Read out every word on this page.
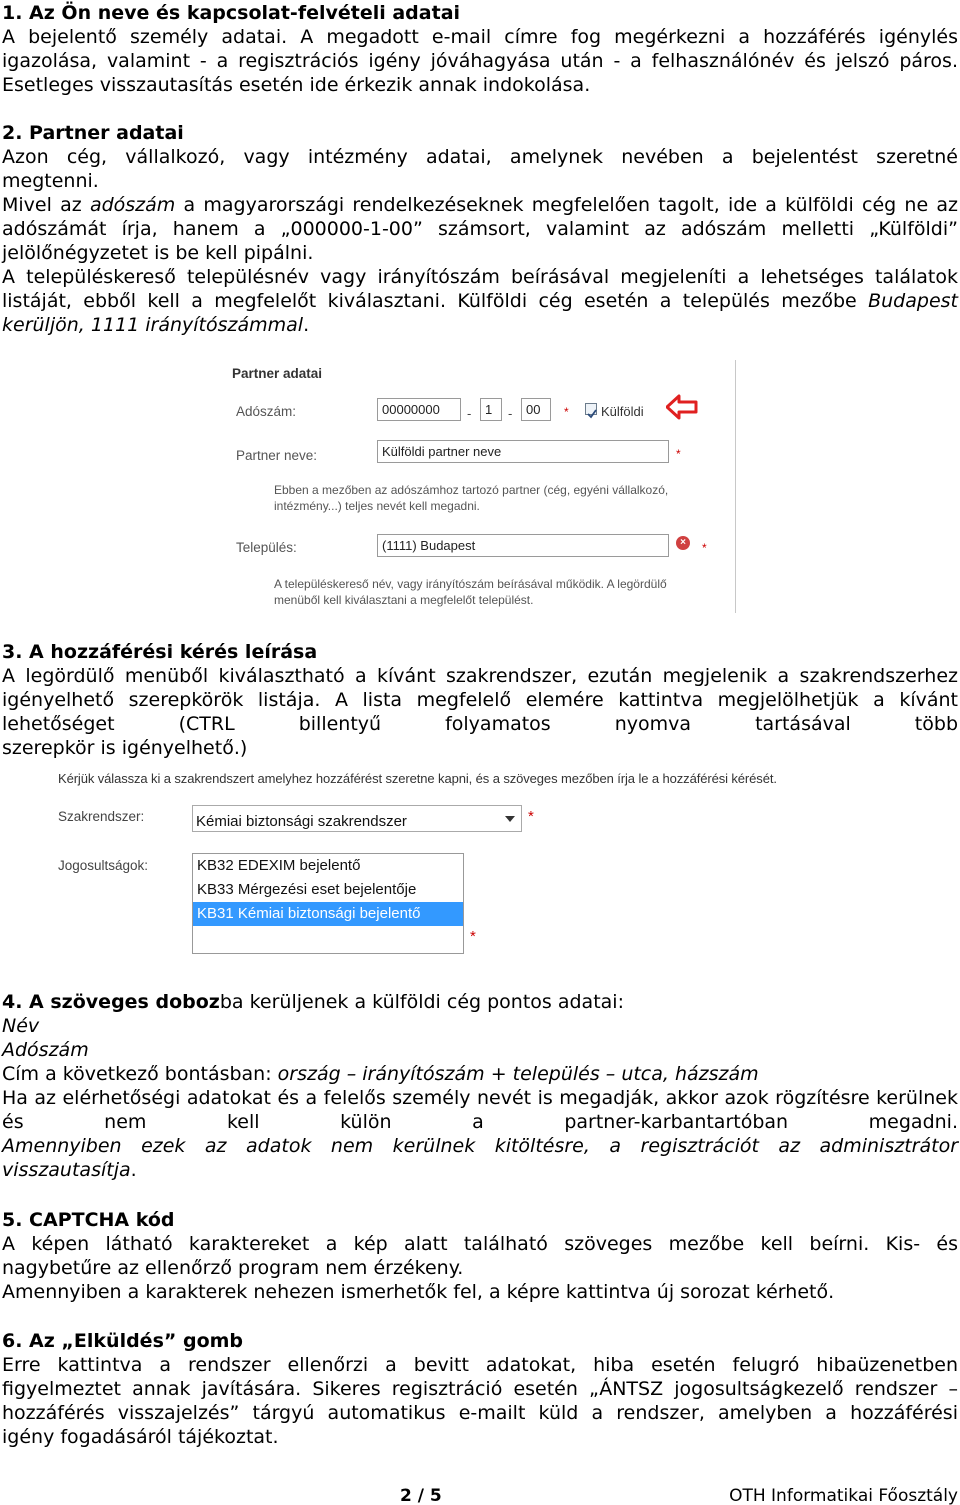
1. Az Ön neve és kapcsolat-felvételi adatai

A bejelentő személy adatai. A megadott e-mail címre fog megérkezni a hozzáférés igénylés igazolása, valamint - a regisztrációs igény jóváhagyása után - a felhasználónév és jelszó páros.

Esetleges visszautasítás esetén ide érkezik annak indokolása.

2. Partner adatai

Azon cég, vállalkozó, vagy intézmény adatai, amelynek nevében a bejelentést szeretné

megtenni.

Mivel az adószám a magyarországi rendelkezéseknek megfelelően tagolt, ide a külföldi cég ne az adószámát írja, hanem a „000000-1-00” számsort, valamint az adószám melletti „Külföldi” jelölőnégyzetet is be kell pipálni.

A településkereső településnév vagy irányítószám beírásával megjeleníti a lehetséges találatok listáját, ebből kell a megfelelőt kiválasztani. Külföldi cég esetén a település mezőbe Budapest kerüljön, 1111 irányítószámmal.

3. A hozzáférési kérés leírása

A legördülő menüből kiválasztható a kívánt szakrendszer, ezután megjelenik a szakrendszerhez igényelhető szerepkörök listája. A lista megfelelő elemére kattintva megjelölhetjük a kívánt lehetőséget (CTRL billentyű folyamatos nyomva tartásával több

szerepkör is igényelhető.)

4. A szöveges dobozba kerüljenek a külföldi cég pontos adatai:

Név

Adószám

Cím a következő bontásban: ország – irányítószám + település – utca, házszám

Ha az elérhetőségi adatokat és a felelős személy nevét is megadják, akkor azok rögzítésre kerülnek és nem kell külön a partner-karbantartóban megadni.

Amennyiben ezek az adatok nem kerülnek kitöltésre, a regisztrációt az adminisztrátor visszautasítja.

5. CAPTCHA kód

A képen látható karaktereket a kép alatt található szöveges mezőbe kell beírni. Kis- és

nagybetűre az ellenőrző program nem érzékeny.

Amennyiben a karakterek nehezen ismerhetők fel, a képre kattintva új sorozat kérhető.

6. Az „Elküldés” gomb

Erre kattintva a rendszer ellenőrzi a bevitt adatokat, hiba esetén felugró hibaüzenetben figyelmeztet annak javítására. Sikeres regisztráció esetén „ÁNTSZ jogosultságkezelő rendszer – hozzáférés visszajelzés” tárgyú automatikus e-mailt küld a rendszer, amelyben a hozzáférési

igény fogadásáról tájékoztat.

Partner adatai
Adószám:	00000000	-	1	-	00	* Külföldi
Partner neve:	Külföldi partner neve	*
Ebben a mezőben az adószámhoz tartozó partner (cég, egyéni vállalkozó,
intézmény...) teljes nevét kell megadni.
Település:	(1111) Budapest	×	*
A településkereső név, vagy irányítószám beírásával működik. A legördülő
menüből kell kiválasztani a megfelelőt települést.
Kérjük válassza ki a szakrendszert amelyhez hozzáférést szeretne kapni, és a szöveges mezőben írja le a hozzáférési kérését.
Szakrendszer:	Kémiai biztonsági szakrendszer	*
Jogosultságok:	KB32 EDEXIM bejelentő
KB33 Mérgezési eset bejelentője
KB31 Kémiai biztonsági bejelentő
*
2 / 5	OTH Informatikai Főosztály
